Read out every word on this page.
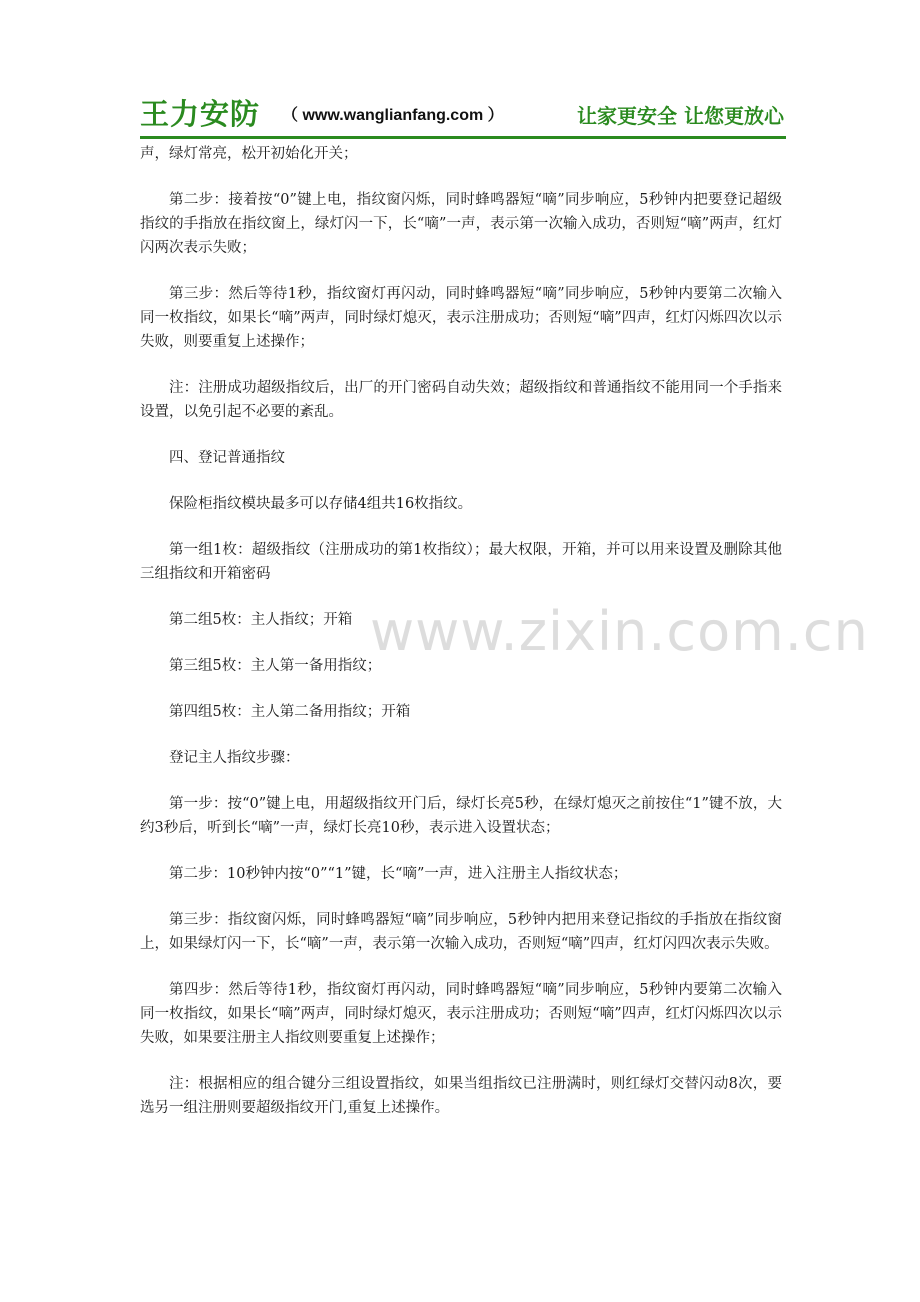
王力安防 （ www.wanglianfang.com ）	让家更安全 让您更放心

声，绿灯常亮，松开初始化开关；

第二步：接着按“0”键上电，指纹窗闪烁，同时蜂鸣器短“嘀”同步响应，5秒钟内把要登记超级指纹的手指放在指纹窗上，绿灯闪一下，长“嘀”一声，表示第一次输入成功，否则短“嘀”两声，红灯闪两次表示失败；

第三步：然后等待1秒，指纹窗灯再闪动，同时蜂鸣器短“嘀”同步响应，5秒钟内要第二次输入同一枚指纹，如果长“嘀”两声，同时绿灯熄灭，表示注册成功；否则短“嘀”四声，红灯闪烁四次以示失败，则要重复上述操作；

注：注册成功超级指纹后，出厂的开门密码自动失效；超级指纹和普通指纹不能用同一个手指来设置，以免引起不必要的紊乱。

四、登记普通指纹

保险柜指纹模块最多可以存储4组共16枚指纹。

第一组1枚：超级指纹（注册成功的第1枚指纹）；最大权限，开箱，并可以用来设置及删除其他三组指纹和开箱密码

第二组5枚：主人指纹；开箱

第三组5枚：主人第一备用指纹；

第四组5枚：主人第二备用指纹；开箱

登记主人指纹步骤：

第一步：按“0”键上电，用超级指纹开门后，绿灯长亮5秒，在绿灯熄灭之前按住“1”键不放，大约3秒后，听到长“嘀”一声，绿灯长亮10秒，表示进入设置状态；

第二步：10秒钟内按“0”“1”键，长“嘀”一声，进入注册主人指纹状态；

第三步：指纹窗闪烁，同时蜂鸣器短“嘀”同步响应，5秒钟内把用来登记指纹的手指放在指纹窗上，如果绿灯闪一下，长“嘀”一声，表示第一次输入成功，否则短“嘀”四声，红灯闪四次表示失败。

第四步：然后等待1秒，指纹窗灯再闪动，同时蜂鸣器短“嘀”同步响应，5秒钟内要第二次输入同一枚指纹，如果长“嘀”两声，同时绿灯熄灭，表示注册成功；否则短“嘀”四声，红灯闪烁四次以示失败，如果要注册主人指纹则要重复上述操作；

注：根据相应的组合键分三组设置指纹，如果当组指纹已注册满时，则红绿灯交替闪动8次，要选另一组注册则要超级指纹开门,重复上述操作。

www.zixin.com.cn
